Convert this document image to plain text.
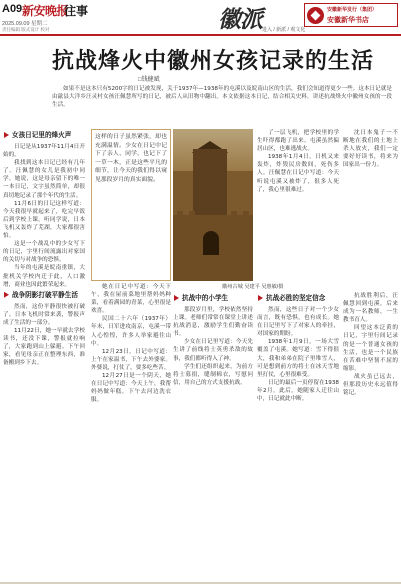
A09 新安晚报
往事
2025.09.09 星期二
责任编辑 版式设计 校对	徽派 进入 / 新派 / 观文化
安徽新华发行（集团）
安徽新华书店
抗战烽火中徽州女孩记录的生活
□钱健斌
如果不是这本只有5200字的日记被发现，关于1937年—1938年的屯溪以及皖南山区的生活，我们会知道得更少一些。这本日记就是由歙县大洋乡汪灵村女孩汪佩慧所写的日记，被后人从旧物中翻出。本文依据这本日记，结合相关史料，讲述抗战烽火中徽州女孩的一段生活。
女孩日记里的烽火声

日记是从1937年11月4日开始的。

我找到这本日记已经有几年了。汪佩慧的女儿是我初中同学。她说，这是母亲留下的唯一一本日记，文字虽然简单，却很真切地记录了那个年代的生活。

11月6日的日记这样写道：今天我很早就起来了，吃完早饭后到学校上课。听同学说，日本飞机又轰炸了芜湖，大家都很害怕。

这是一个战乱中的少女写下的日记，字里行间流露出对家国的关切与对战争的恐惧。

当年的屯溪是皖南重镇，大批机关学校内迁于此，人口激增，商业也因此繁荣起来。

战争阴影打破平静生活

然而，这份平静很快被打破了。日本飞机时常来袭，警报声成了生活的一部分。

11月22日，她一早就去学校读书，还没下课，警报就拉响了，大家跑到山上躲避。下午回家，看见母亲正在整理东西，准备搬到乡下去。

这样的日子虽然紧张，却也充满温情。少女在日记中记下了亲人、同学，也记下了一草一木，正是这些平凡的细节，让今天的我们得以窥见那段岁月的真实面貌。

她在日记中写道：今天下午，我在屋前菜地里帮妈妈种菜，看着满园的青菜，心里很是欢喜。

民国二十六年（1937年）年末，日军进攻南京，屯溪一带人心惶惶，许多人举家避往山中。

12月23日，日记中写道：上午在家温书，下午去外婆家。外婆说，打仗了，要多吃些苦。

12月27日是一个阴天，她在日记中写道：今天上午，我帮妈妈做年糕，下午去河边洗衣服。

徽州古城 吴建平 吴惠敏/摄

了一层飞机，把学校里的学生吓得都跑了出来。屯溪虽然偏居山区，也难逃战火。

1938年1月4日，日机又来轰炸，炸毁民房数间，死伤多人。汪佩慧在日记中写道：今天听说屯溪又被炸了，很多人死了，我心里很难过。

沈日本鬼子一不断地在我们的土地上杀人放火，我们一定要好好读书，将来为国家出一份力。

抗战中的小学生

那段岁月里，学校依然坚持上课。老师们常常在课堂上讲述抗战消息，激励学生们勤奋读书。

少女在日记里写道：今天先生讲了前线将士英勇杀敌的故事，我们都听得入了神。

学生们还组织起来，为前方将士募捐，缝制棉衣，写慰问信，用自己的方式支援抗战。

抗战必胜的坚定信念

然而，这些日子对一个少女而言，既有恐惧，也有成长。她在日记里写下了对家人的牵挂，对国家的期盼。

1938年1月9日，一场大雪覆盖了屯溪。她写道：雪下得很大，我和弟弟在院子里堆雪人，可是想到前方的将士在冰天雪地里打仗，心里很难受。

日记的最后一页停留在1938年2月。此后，她随家人迁往山中，日记就此中断。

抗战胜利后，汪佩慧回到屯溪，后来成为一名教师，一生教书育人。

回望这本泛黄的日记，字里行间记录的是一个普通女孩的生活，也是一个民族在苦难中坚韧不屈的缩影。

战火虽已远去，但那段历史永远值得铭记。
